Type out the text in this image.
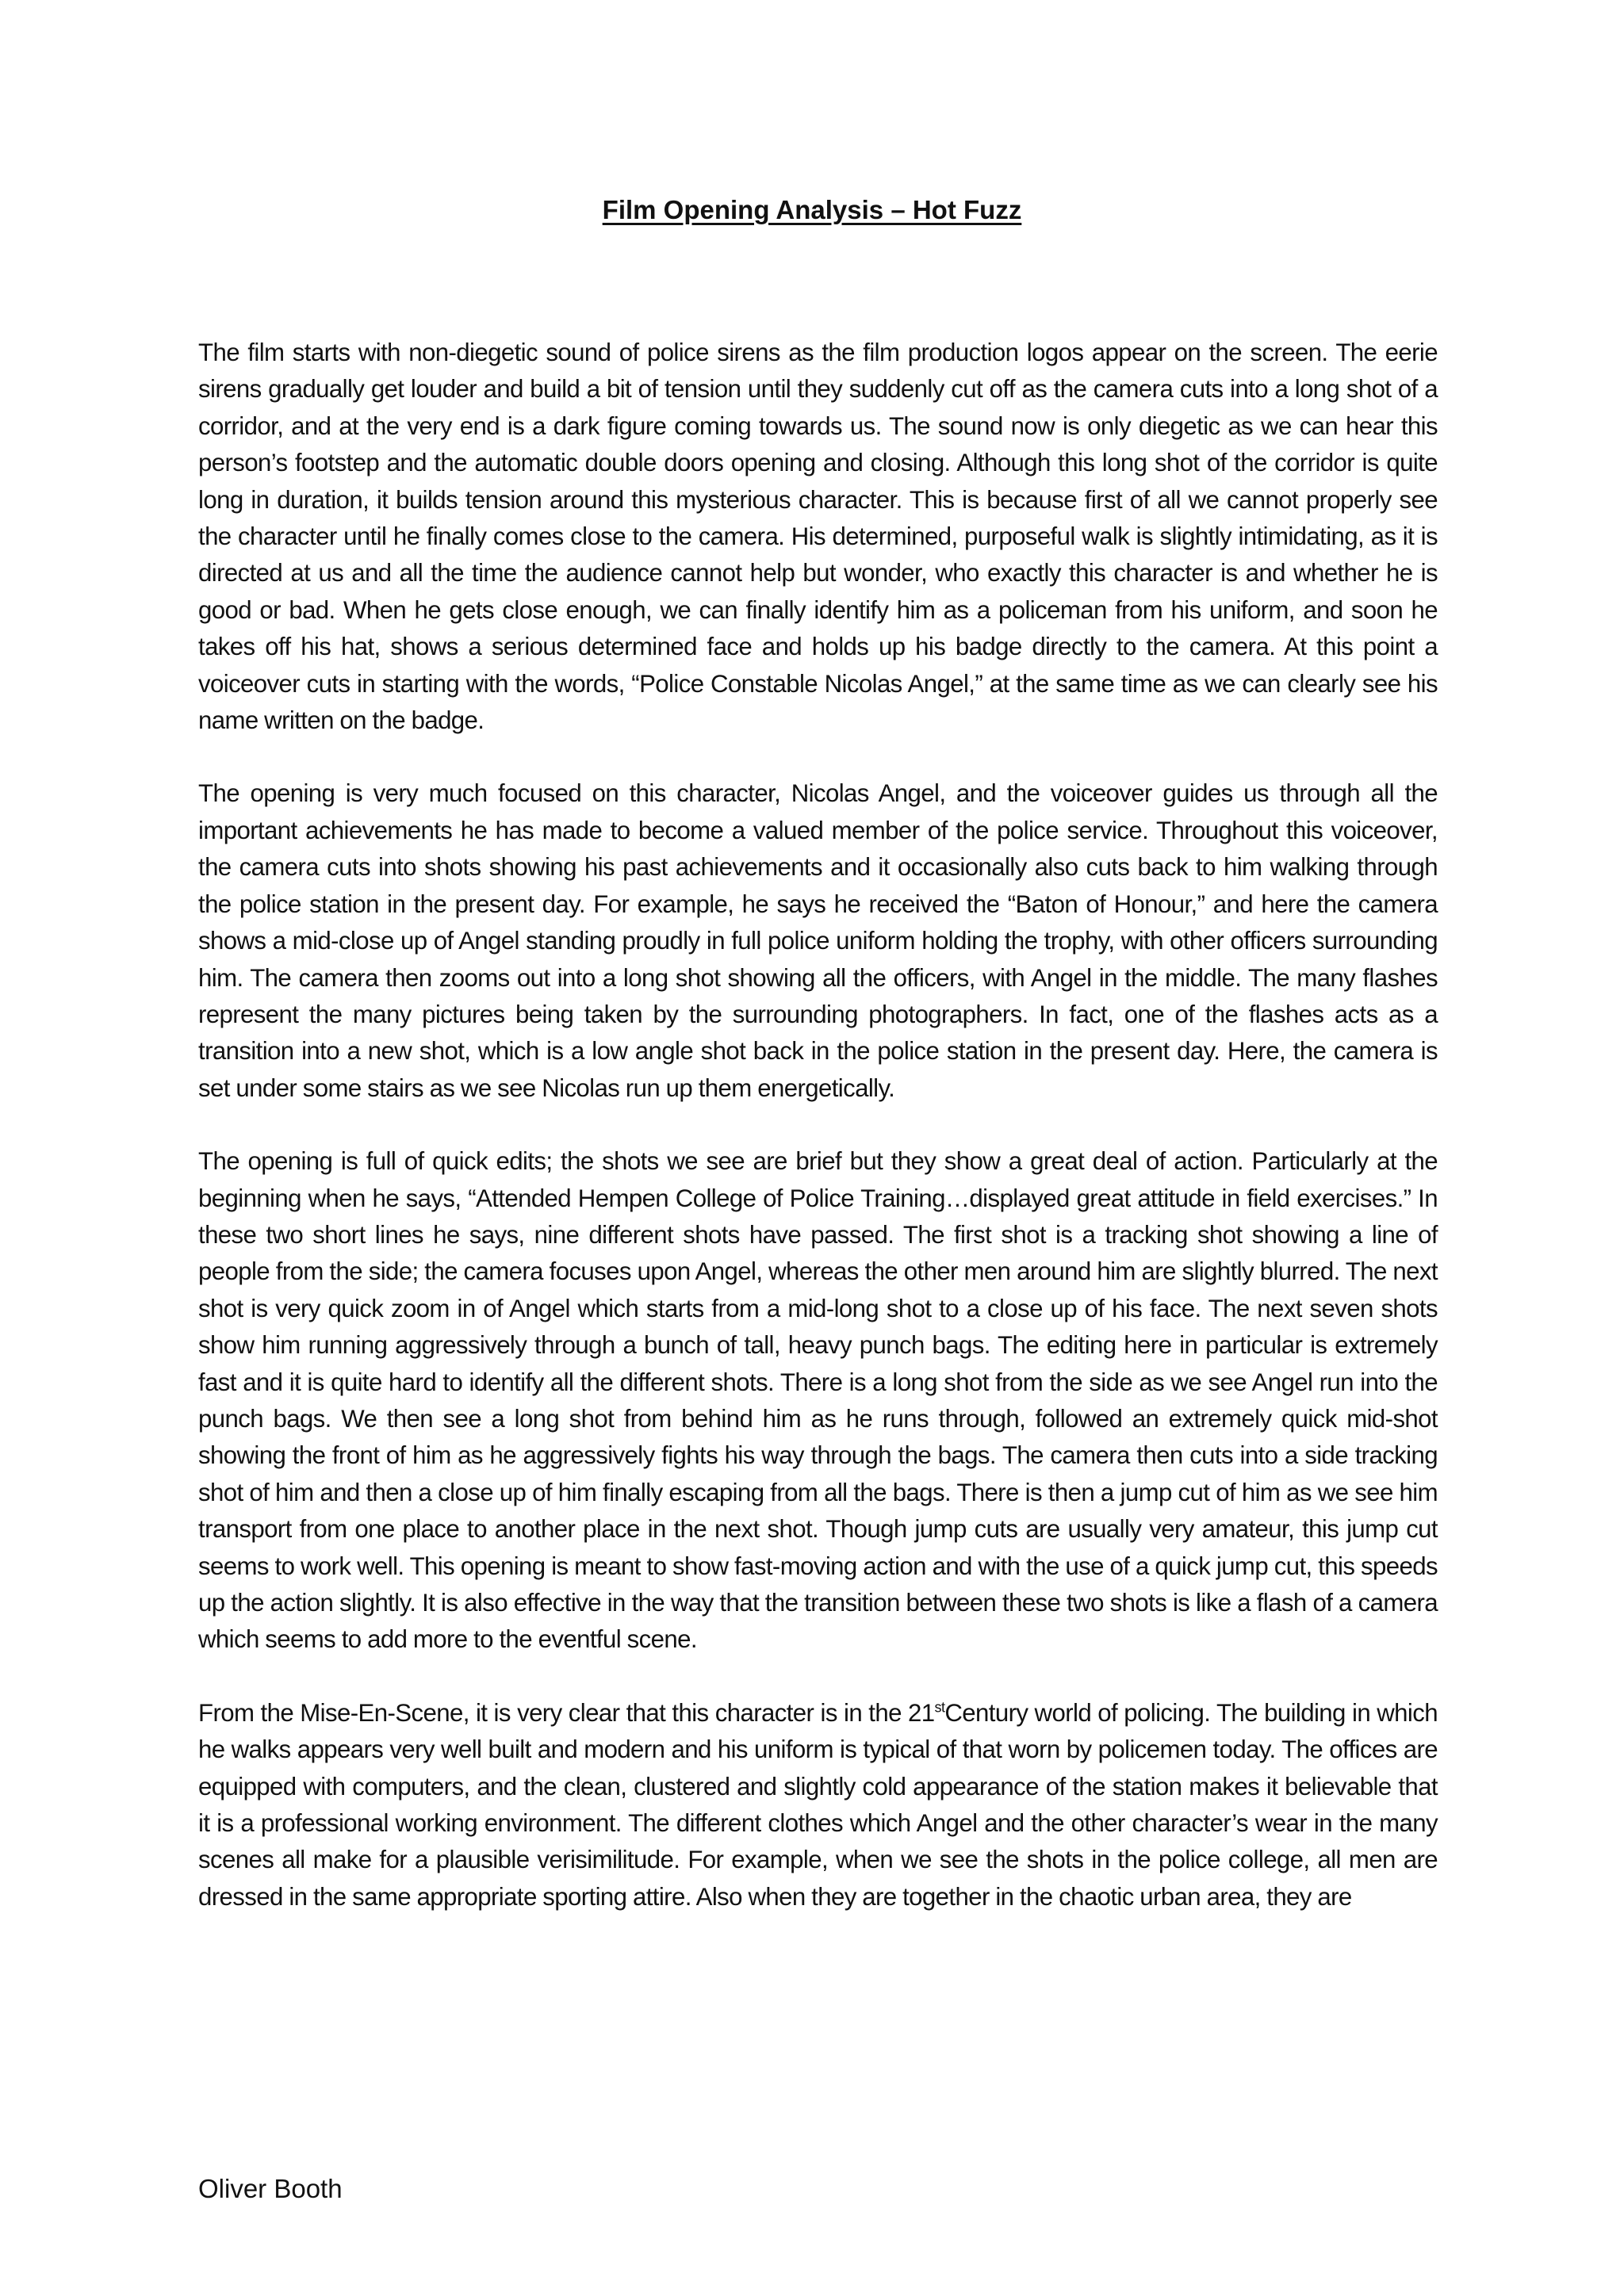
Film Opening Analysis – Hot Fuzz

The film starts with non-diegetic sound of police sirens as the film production logos appear on the screen. The eerie sirens gradually get louder and build a bit of tension until they suddenly cut off as the camera cuts into a long shot of a corridor, and at the very end is a dark figure coming towards us. The sound now is only diegetic as we can hear this person’s footstep and the automatic double doors opening and closing. Although this long shot of the corridor is quite long in duration, it builds tension around this mysterious character. This is because first of all we cannot properly see the character until he finally comes close to the camera. His determined, purposeful walk is slightly intimidating, as it is directed at us and all the time the audience cannot help but wonder, who exactly this character is and whether he is good or bad. When he gets close enough, we can finally identify him as a policeman from his uniform, and soon he takes off his hat, shows a serious determined face and holds up his badge directly to the camera. At this point a voiceover cuts in starting with the words, “Police Constable Nicolas Angel,” at the same time as we can clearly see his name written on the badge.

The opening is very much focused on this character, Nicolas Angel, and the voiceover guides us through all the important achievements he has made to become a valued member of the police service. Throughout this voiceover, the camera cuts into shots showing his past achievements and it occasionally also cuts back to him walking through the police station in the present day. For example, he says he received the “Baton of Honour,” and here the camera shows a mid-close up of Angel standing proudly in full police uniform holding the trophy, with other officers surrounding him. The camera then zooms out into a long shot showing all the officers, with Angel in the middle. The many flashes represent the many pictures being taken by the surrounding photographers. In fact, one of the flashes acts as a transition into a new shot, which is a low angle shot back in the police station in the present day. Here, the camera is set under some stairs as we see Nicolas run up them energetically.

The opening is full of quick edits; the shots we see are brief but they show a great deal of action. Particularly at the beginning when he says, “Attended Hempen College of Police Training…displayed great attitude in field exercises.” In these two short lines he says, nine different shots have passed. The first shot is a tracking shot showing a line of people from the side; the camera focuses upon Angel, whereas the other men around him are slightly blurred. The next shot is very quick zoom in of Angel which starts from a mid-long shot to a close up of his face. The next seven shots show him running aggressively through a bunch of tall, heavy punch bags. The editing here in particular is extremely fast and it is quite hard to identify all the different shots. There is a long shot from the side as we see Angel run into the punch bags. We then see a long shot from behind him as he runs through, followed an extremely quick mid-shot showing the front of him as he aggressively fights his way through the bags. The camera then cuts into a side tracking shot of him and then a close up of him finally escaping from all the bags. There is then a jump cut of him as we see him transport from one place to another place in the next shot. Though jump cuts are usually very amateur, this jump cut seems to work well. This opening is meant to show fast-moving action and with the use of a quick jump cut, this speeds up the action slightly. It is also effective in the way that the transition between these two shots is like a flash of a camera which seems to add more to the eventful scene.

From the Mise-En-Scene, it is very clear that this character is in the 21stCentury world of policing. The building in which he walks appears very well built and modern and his uniform is typical of that worn by policemen today. The offices are equipped with computers, and the clean, clustered and slightly cold appearance of the station makes it believable that it is a professional working environment. The different clothes which Angel and the other character’s wear in the many scenes all make for a plausible verisimilitude. For example, when we see the shots in the police college, all men are dressed in the same appropriate sporting attire. Also when they are together in the chaotic urban area, they are

Oliver Booth
